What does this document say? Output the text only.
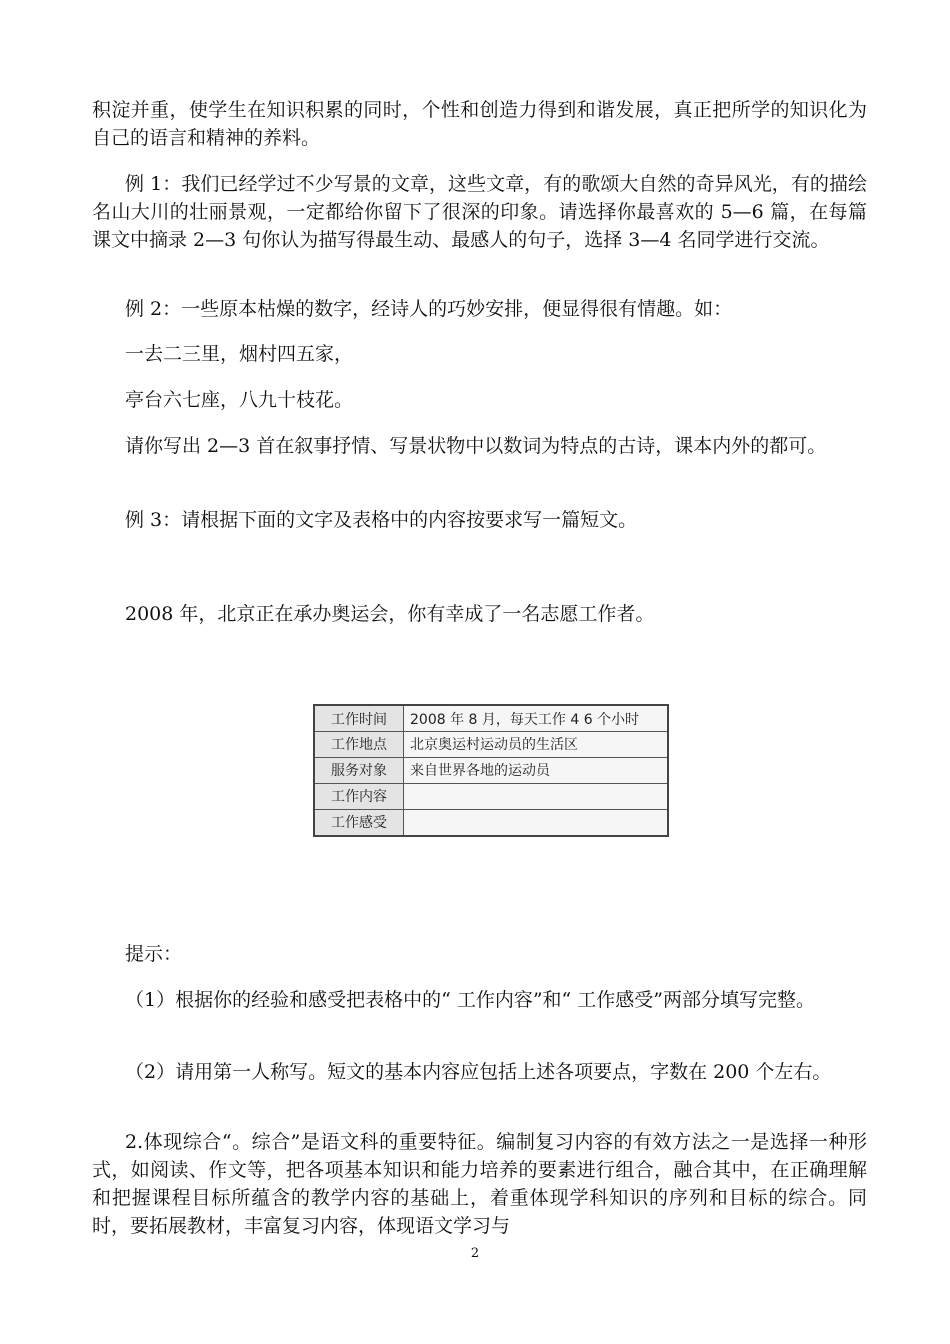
积淀并重，使学生在知识积累的同时，个性和创造力得到和谐发展，真正把所学的知识化为自己的语言和精神的养料。

例 1：我们已经学过不少写景的文章，这些文章，有的歌颂大自然的奇异风光，有的描绘名山大川的壮丽景观，一定都给你留下了很深的印象。请选择你最喜欢的 5—6 篇，在每篇课文中摘录 2—3 句你认为描写得最生动、最感人的句子，选择 3—4 名同学进行交流。

例 2：一些原本枯燥的数字，经诗人的巧妙安排，便显得很有情趣。如：

一去二三里，烟村四五家，

亭台六七座，八九十枝花。

请你写出 2—3 首在叙事抒情、写景状物中以数词为特点的古诗，课本内外的都可。

例 3：请根据下面的文字及表格中的内容按要求写一篇短文。

2008 年，北京正在承办奥运会，你有幸成了一名志愿工作者。

工作时间	2008 年 8 月，每天工作 4 6 个小时
工作地点	北京奥运村运动员的生活区
服务对象	来自世界各地的运动员
工作内容	
工作感受	

提示：

（1）根据你的经验和感受把表格中的“ 工作内容”和“ 工作感受”两部分填写完整。

（2）请用第一人称写。短文的基本内容应包括上述各项要点，字数在 200 个左右。

2.体现综合“。综合”是语文科的重要特征。编制复习内容的有效方法之一是选择一种形式，如阅读、作文等，把各项基本知识和能力培养的要素进行组合，融合其中，在正确理解和把握课程目标所蕴含的教学内容的基础上，着重体现学科知识的序列和目标的综合。同时，要拓展教材，丰富复习内容，体现语文学习与

2
